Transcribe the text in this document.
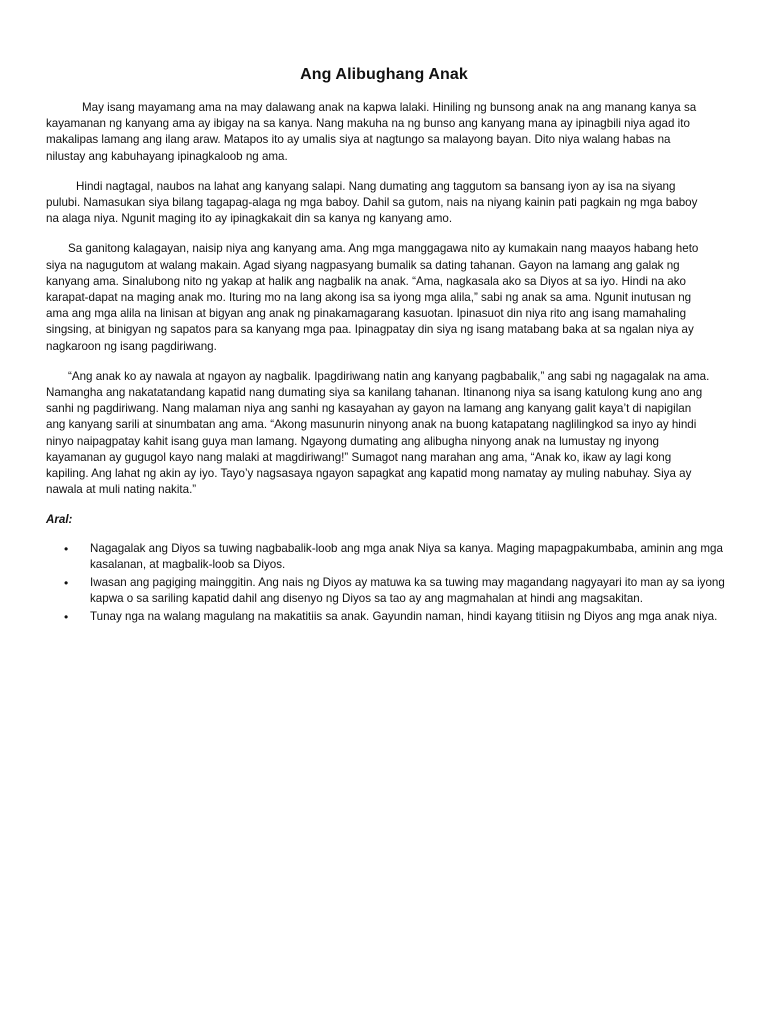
Ang Alibughang Anak

May isang mayamang ama na may dalawang anak na kapwa lalaki. Hiniling ng bunsong anak na ang manang kanya sa kayamanan ng kanyang ama ay ibigay na sa kanya. Nang makuha na ng bunso ang kanyang mana ay ipinagbili niya agad ito makalipas lamang ang ilang araw. Matapos ito ay umalis siya at nagtungo sa malayong bayan. Dito niya walang habas na nilustay ang kabuhayang ipinagkaloob ng ama.

Hindi nagtagal, naubos na lahat ang kanyang salapi. Nang dumating ang taggutom sa bansang iyon ay isa na siyang pulubi. Namasukan siya bilang tagapag-alaga ng mga baboy. Dahil sa gutom, nais na niyang kainin pati pagkain ng mga baboy na alaga niya. Ngunit maging ito ay ipinagkakait din sa kanya ng kanyang amo.

Sa ganitong kalagayan, naisip niya ang kanyang ama. Ang mga manggagawa nito ay kumakain nang maayos habang heto siya na nagugutom at walang makain. Agad siyang nagpasyang bumalik sa dating tahanan. Gayon na lamang ang galak ng kanyang ama. Sinalubong nito ng yakap at halik ang nagbalik na anak. “Ama, nagkasala ako sa Diyos at sa iyo. Hindi na ako karapat-dapat na maging anak mo. Ituring mo na lang akong isa sa iyong mga alila,” sabi ng anak sa ama. Ngunit inutusan ng ama ang mga alila na linisan at bigyan ang anak ng pinakamagarang kasuotan. Ipinasuot din niya rito ang isang mamahaling singsing, at binigyan ng sapatos para sa kanyang mga paa. Ipinagpatay din siya ng isang matabang baka at sa ngalan niya ay nagkaroon ng isang pagdiriwang.

“Ang anak ko ay nawala at ngayon ay nagbalik. Ipagdiriwang natin ang kanyang pagbabalik,” ang sabi ng nagagalak na ama. Namangha ang nakatatandang kapatid nang dumating siya sa kanilang tahanan. Itinanong niya sa isang katulong kung ano ang sanhi ng pagdiriwang. Nang malaman niya ang sanhi ng kasayahan ay gayon na lamang ang kanyang galit kaya’t di napigilan ang kanyang sarili at sinumbatan ang ama. “Akong masunurin ninyong anak na buong katapatang naglilingkod sa inyo ay hindi ninyo naipagpatay kahit isang guya man lamang. Ngayong dumating ang alibugha ninyong anak na lumustay ng inyong kayamanan ay gugugol kayo nang malaki at magdiriwang!” Sumagot nang marahan ang ama, “Anak ko, ikaw ay lagi kong kapiling. Ang lahat ng akin ay iyo. Tayo’y nagsasaya ngayon sapagkat ang kapatid mong namatay ay muling nabuhay. Siya ay nawala at muli nating nakita.”

Aral:
• Nagagalak ang Diyos sa tuwing nagbabalik-loob ang mga anak Niya sa kanya. Maging mapagpakumbaba, aminin ang mga kasalanan, at magbalik-loob sa Diyos.
• Iwasan ang pagiging mainggitin. Ang nais ng Diyos ay matuwa ka sa tuwing may magandang nagyayari ito man ay sa iyong kapwa o sa sariling kapatid dahil ang disenyo ng Diyos sa tao ay ang magmahalan at hindi ang magsakitan.
• Tunay nga na walang magulang na makatitiis sa anak. Gayundin naman, hindi kayang titiisin ng Diyos ang mga anak niya.
